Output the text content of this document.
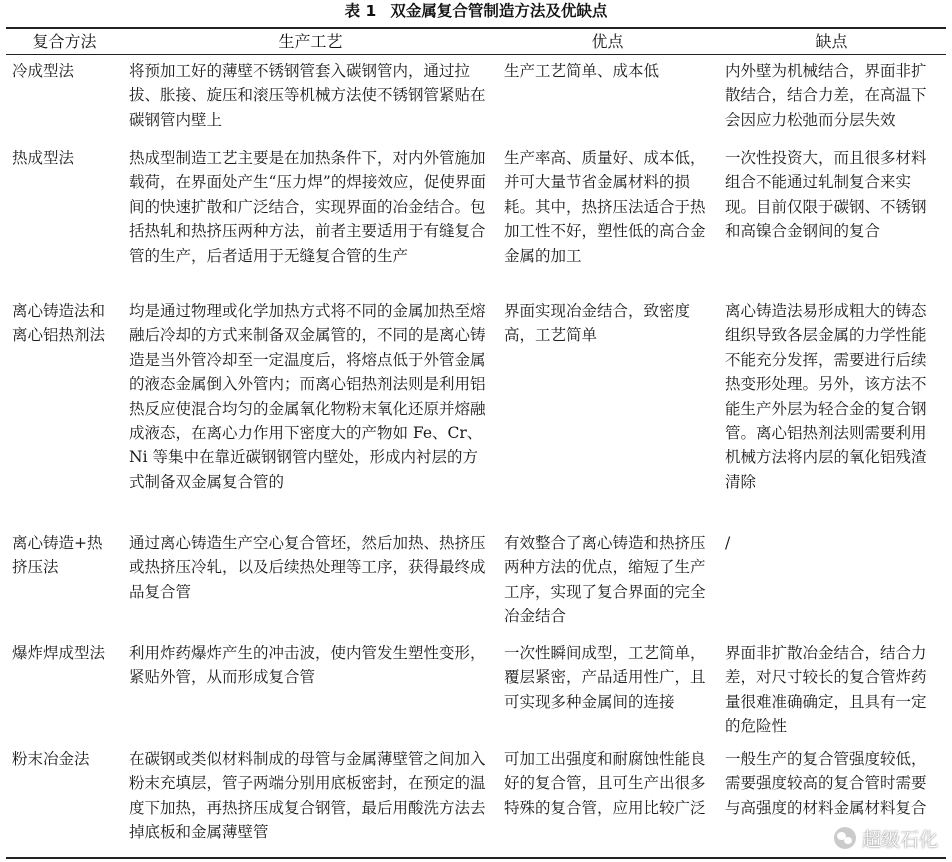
表 1 双金属复合管制造方法及优缺点
复合方法	生产工艺	优点	缺点
冷成型法	将预加工好的薄壁不锈钢管套入碳钢管内，通过拉拔、胀接、旋压和滚压等机械方法使不锈钢管紧贴在碳钢管内壁上	生产工艺简单、成本低	内外壁为机械结合，界面非扩散结合，结合力差，在高温下会因应力松弛而分层失效
热成型法	热成型制造工艺主要是在加热条件下，对内外管施加载荷，在界面处产生“压力焊”的焊接效应，促使界面间的快速扩散和广泛结合，实现界面的冶金结合。包括热轧和热挤压两种方法，前者主要适用于有缝复合管的生产，后者适用于无缝复合管的生产	生产率高、质量好、成本低，并可大量节省金属材料的损耗。其中，热挤压法适合于热加工性不好，塑性低的高合金金属的加工	一次性投资大，而且很多材料组合不能通过轧制复合来实现。目前仅限于碳钢、不锈钢和高镍合金钢间的复合
离心铸造法和离心铝热剂法	均是通过物理或化学加热方式将不同的金属加热至熔融后冷却的方式来制备双金属管的，不同的是离心铸造是当外管冷却至一定温度后，将熔点低于外管金属的液态金属倒入外管内；而离心铝热剂法则是利用铝热反应使混合均匀的金属氧化物粉末氧化还原并熔融成液态，在离心力作用下密度大的产物如 Fe、Cr、Ni 等集中在靠近碳钢钢管内壁处，形成内衬层的方式制备双金属复合管的	界面实现冶金结合，致密度高，工艺简单	离心铸造法易形成粗大的铸态组织导致各层金属的力学性能不能充分发挥，需要进行后续热变形处理。另外，该方法不能生产外层为轻合金的复合钢管。离心铝热剂法则需要利用机械方法将内层的氧化铝残渣清除
离心铸造+热挤压法	通过离心铸造生产空心复合管坯，然后加热、热挤压或热挤压冷轧，以及后续热处理等工序，获得最终成品复合管	有效整合了离心铸造和热挤压两种方法的优点，缩短了生产工序，实现了复合界面的完全冶金结合	/
爆炸焊成型法	利用炸药爆炸产生的冲击波，使内管发生塑性变形，紧贴外管，从而形成复合管	一次性瞬间成型，工艺简单，覆层紧密，产品适用性广，且可实现多种金属间的连接	界面非扩散冶金结合，结合力差，对尺寸较长的复合管炸药量很难准确确定，且具有一定的危险性
粉末冶金法	在碳钢或类似材料制成的母管与金属薄壁管之间加入粉末充填层，管子两端分别用底板密封，在预定的温度下加热，再热挤压成复合钢管，最后用酸洗方法去掉底板和金属薄壁管	可加工出强度和耐腐蚀性能良好的复合管，且可生产出很多特殊的复合管，应用比较广泛	一般生产的复合管强度较低，需要强度较高的复合管时需要与高强度的材料金属材料复合
超级石化
